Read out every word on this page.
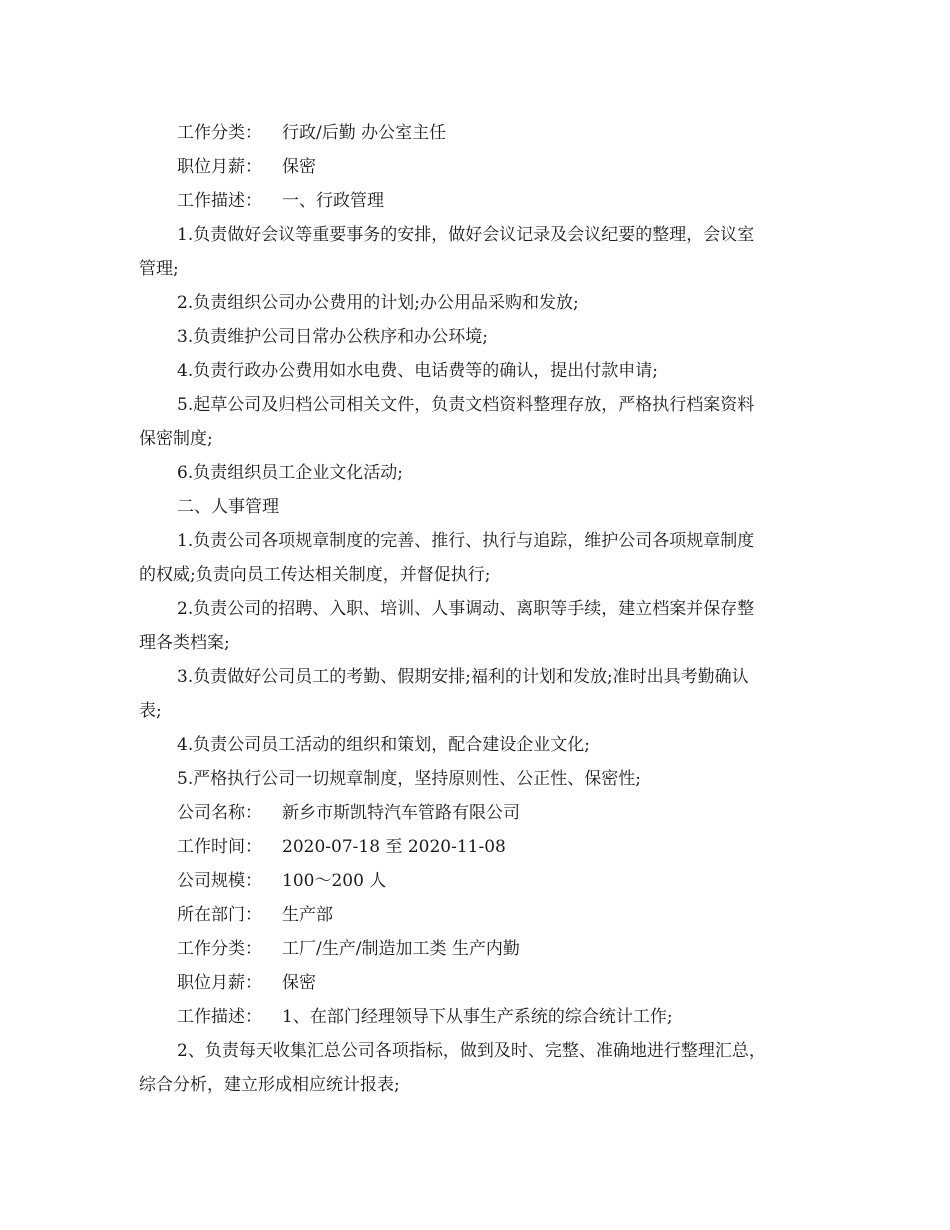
工作分类：	行政/后勤 办公室主任
职位月薪：	保密
工作描述：	一、行政管理
1.负责做好会议等重要事务的安排，做好会议记录及会议纪要的整理，会议室
管理;
2.负责组织公司办公费用的计划;办公用品采购和发放;
3.负责维护公司日常办公秩序和办公环境;
4.负责行政办公费用如水电费、电话费等的确认，提出付款申请;
5.起草公司及归档公司相关文件，负责文档资料整理存放，严格执行档案资料
保密制度;
6.负责组织员工企业文化活动;
二、人事管理
1.负责公司各项规章制度的完善、推行、执行与追踪，维护公司各项规章制度
的权威;负责向员工传达相关制度，并督促执行;
2.负责公司的招聘、入职、培训、人事调动、离职等手续，建立档案并保存整
理各类档案;
3.负责做好公司员工的考勤、假期安排;福利的计划和发放;准时出具考勤确认
表;
4.负责公司员工活动的组织和策划，配合建设企业文化;
5.严格执行公司一切规章制度，坚持原则性、公正性、保密性;
公司名称：	新乡市斯凯特汽车管路有限公司
工作时间：	2020-07-18 至 2020-11-08
公司规模：	100～200 人
所在部门：	生产部
工作分类：	工厂/生产/制造加工类 生产内勤
职位月薪：	保密
工作描述：	1、在部门经理领导下从事生产系统的综合统计工作;
2、负责每天收集汇总公司各项指标，做到及时、完整、准确地进行整理汇总，
综合分析，建立形成相应统计报表;
